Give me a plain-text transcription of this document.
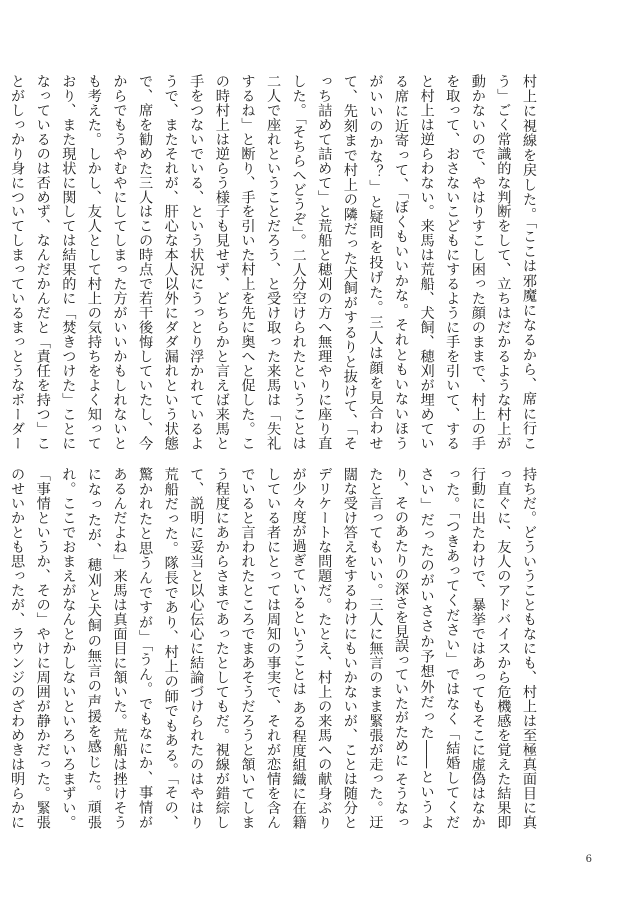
村上に視線を戻した。「ここは邪魔になるから、席に行こう」ごく常識的な判断をして、立ちはだかるような村上が動かないので、やはりすこし困った顔のままで、村上の手を取って、おさないこどもにするように手を引いて、すると村上は逆らわない。来馬は荒船、犬飼、穂刈が埋めている席に近寄って、「ぼくもいいかな。それともいないほうがいいのかな？」と疑問を投げた。三人は顔を見合わせて、先刻まで村上の隣だった犬飼がするりと抜けて、「そっち詰めて詰めて」と荒船と穂刈の方へ無理やりに座り直した。「そちらへどうぞ」。二人分空けられたということは二人で座れということだろう、と受け取った来馬は「失礼するね」と断り、手を引いた村上を先に奥へと促した。この時村上は逆らう様子も見せず、どちらかと言えば来馬と手をつないでいる、という状況にうっとり浮かれているようで、またそれが、肝心な本人以外にダダ漏れという状態で、席を勧めた三人はこの時点で若干後悔していたし、今からでもうやむやにしてしまった方がいいかもしれないとも考えた。しかし、友人として村上の気持ちをよく知っており、また現状に関しては結果的に「焚きつけた」ことになっているのは否めず、なんだかんだと「責任を持つ」ことがしっかり身についてしまっているまっとうなボーダー

持ちだ。どういうこともなにも、村上は至極真面目に真っ直ぐに、友人のアドバイスから危機感を覚えた結果即行動に出たわけで、暴挙ではあってもそこに虚偽はなかった。「つきあってください」ではなく「結婚してください」だったのがいささか予想外だった――というより、そのあたりの深さを見誤っていたがために そうなったと言ってもいい。三人に無言のまま緊張が走った。迂闊な受け答えをするわけにもいかないが、ことは随分とデリケートな問題だ。たとえ、村上の来馬への献身ぶりが少々度が過ぎているということは ある程度組織に在籍している者にとっては周知の事実で、それが恋情を含んでいると言われたところでまあそうだろうと頷いてしまう程度にあからさまであったとしてもだ。視線が錯綜して、説明に妥当と以心伝心に結論づけられたのはやはり荒船だった。隊長であり、村上の師でもある。「その、驚かれたと思うんですが」「うん。でもなにか、事情があるんだよね」来馬は真面目に頷いた。荒船は挫けそうになったが、穂刈と犬飼の無言の声援を感じた。頑張れ。ここでおまえがなんとかしないといろいろまずい。「事情というか、その」やけに周囲が静かだった。緊張のせいかとも思ったが、ラウンジのざわめきは明らかに

6
